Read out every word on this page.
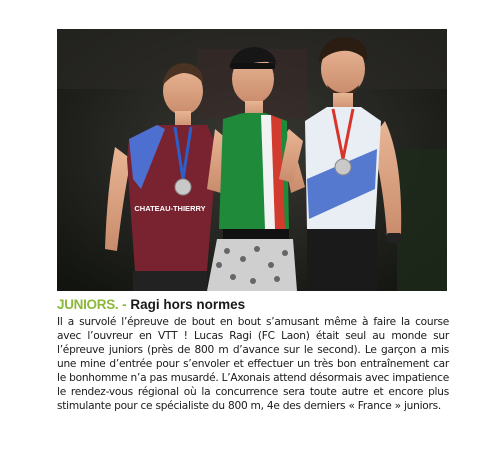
CHATEAU-THIERRY

JUNIORS. - Ragi hors normes

Il a survolé l’épreuve de bout en bout s’amusant même à faire la course avec l’ouvreur en VTT ! Lucas Ragi (FC Laon) était seul au monde sur l’épreuve juniors (près de 800 m d’avance sur le second). Le garçon a mis une mine d’entrée pour s’envoler et effectuer un très bon entraînement car le bonhomme n’a pas musardé. L’Axonais attend désormais avec impatience le rendez-vous régional où la concurrence sera toute autre et encore plus stimulante pour ce spécialiste du 800 m, 4e des derniers « France » juniors.
